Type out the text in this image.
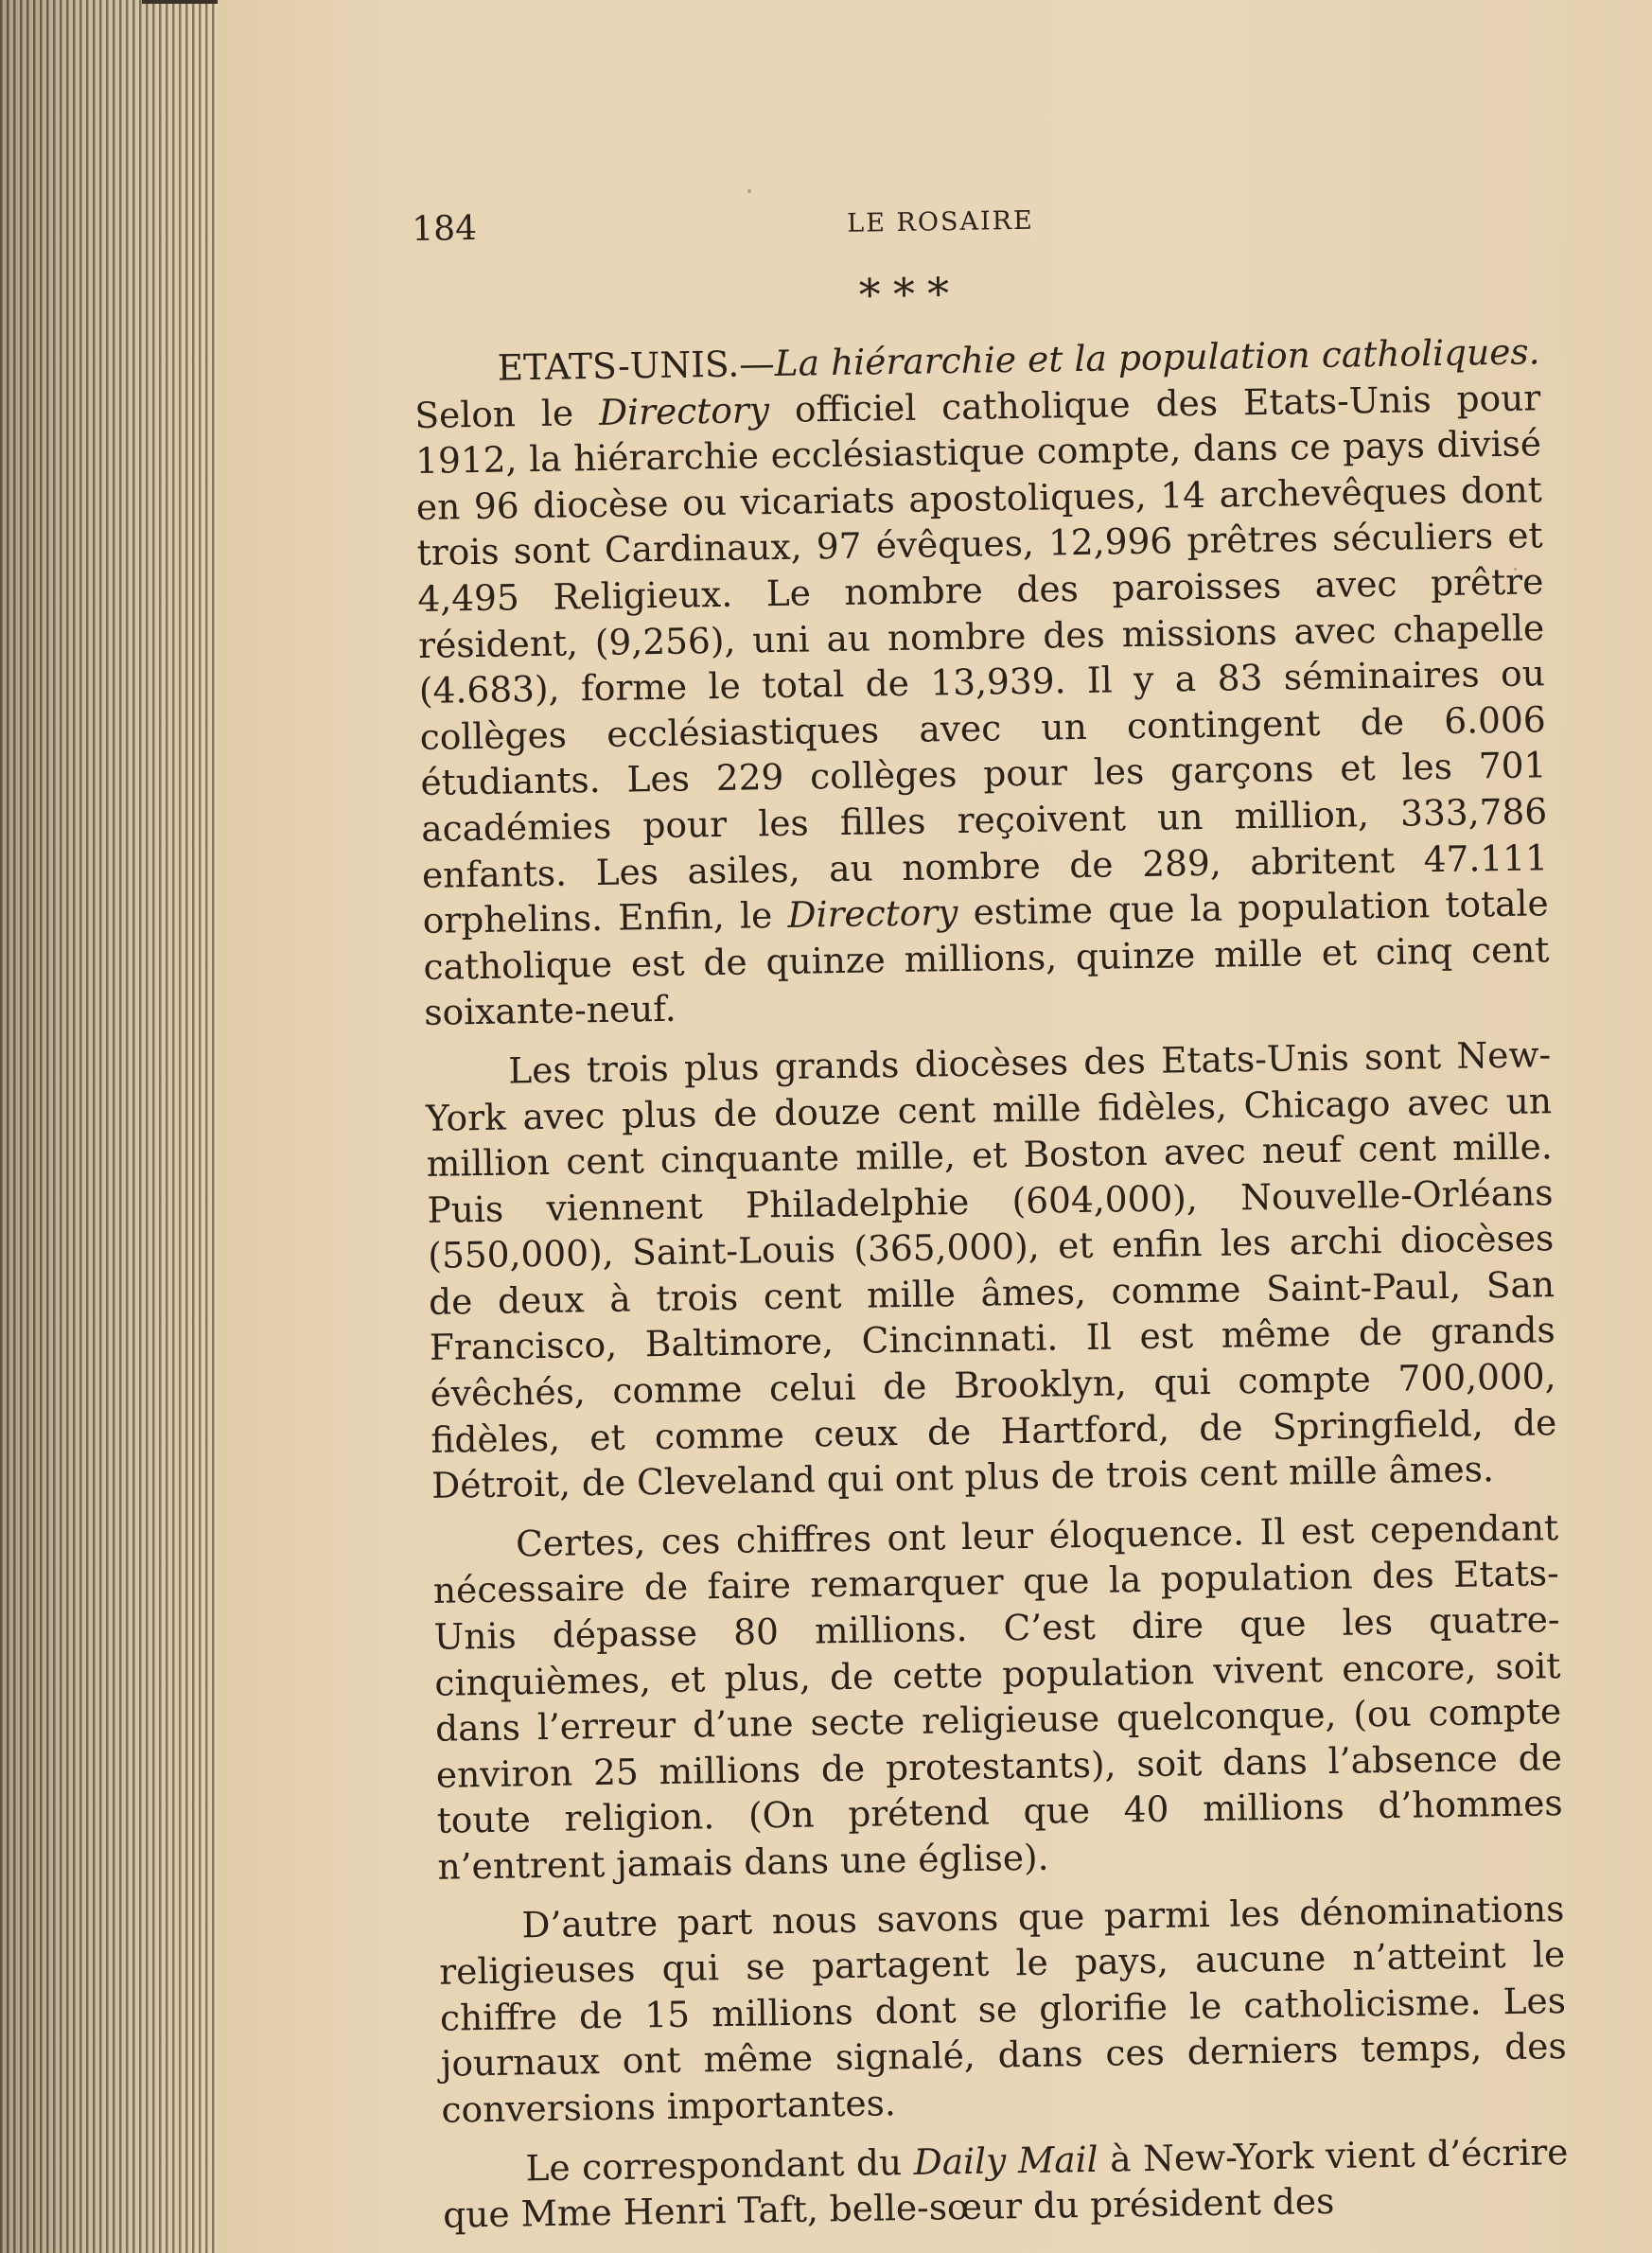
184	LE ROSAIRE
* * *

ETATS-UNIS.—La hiérarchie et la population catholiques. Selon le Directory officiel catholique des Etats-Unis pour 1912, la hiérarchie ecclésiastique compte, dans ce pays divisé en 96 diocèse ou vicariats apostoliques, 14 archevêques dont trois sont Cardinaux, 97 évêques, 12,996 prêtres séculiers et 4,495 Religieux. Le nombre des paroisses avec prêtre résident, (9,256), uni au nombre des missions avec chapelle (4.683), forme le total de 13,939. Il y a 83 séminaires ou collèges ecclésiastiques avec un contingent de 6.006 étudiants. Les 229 collèges pour les garçons et les 701 académies pour les filles reçoivent un million, 333,786 enfants. Les asiles, au nombre de 289, abritent 47.111 orphelins. Enfin, le Directory estime que la population totale catholique est de quinze millions, quinze mille et cinq cent soixante-neuf.

Les trois plus grands diocèses des Etats-Unis sont New-York avec plus de douze cent mille fidèles, Chicago avec un million cent cinquante mille, et Boston avec neuf cent mille. Puis viennent Philadelphie (604,000), Nouvelle-Orléans (550,000), Saint-Louis (365,000), et enfin les archi diocèses de deux à trois cent mille âmes, comme Saint-Paul, San Francisco, Baltimore, Cincinnati. Il est même de grands évêchés, comme celui de Brooklyn, qui compte 700,000, fidèles, et comme ceux de Hartford, de Springfield, de Détroit, de Cleveland qui ont plus de trois cent mille âmes.

Certes, ces chiffres ont leur éloquence. Il est cependant nécessaire de faire remarquer que la population des Etats-Unis dépasse 80 millions. C’est dire que les quatre-cinquièmes, et plus, de cette population vivent encore, soit dans l’erreur d’une secte religieuse quelconque, (ou compte environ 25 millions de protestants), soit dans l’absence de toute religion. (On prétend que 40 millions d’hommes n’entrent jamais dans une église).

D’autre part nous savons que parmi les dénominations religieuses qui se partagent le pays, aucune n’atteint le chiffre de 15 millions dont se glorifie le catholicisme. Les journaux ont même signalé, dans ces derniers temps, des conversions importantes.

Le correspondant du Daily Mail à New-York vient d’écrire que Mme Henri Taft, belle-sœur du président des
